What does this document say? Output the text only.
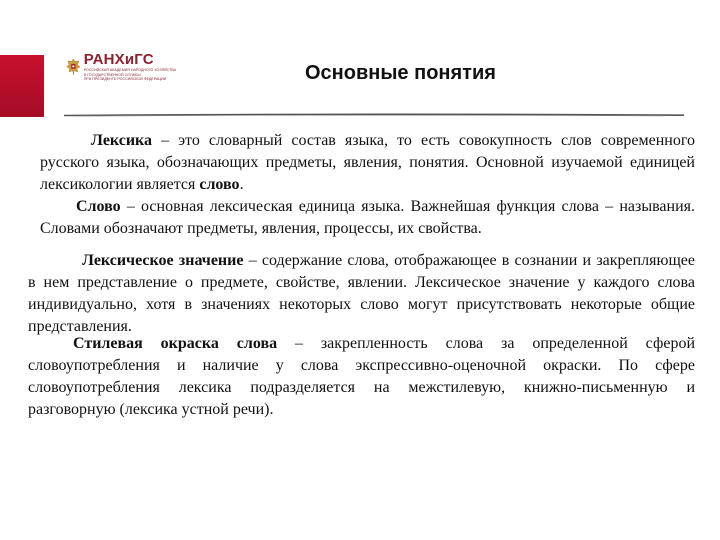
РАНХиГС
РОССИЙСКАЯ АКАДЕМИЯ НАРОДНОГО ХОЗЯЙСТВА
И ГОСУДАРСТВЕННОЙ СЛУЖБЫ
ПРИ ПРЕЗИДЕНТЕ РОССИЙСКОЙ ФЕДЕРАЦИИ	Основные понятия

Лексика – это словарный состав языка, то есть совокупность слов современного русского языка, обозначающих предметы, явления, понятия. Основной изучаемой единицей лексикологии является слово.

Слово – основная лексическая единица языка. Важнейшая функция слова – называния. Словами обозначают предметы, явления, процессы, их свойства.

Лексическое значение – содержание слова, отображающее в сознании и закрепляющее в нем представление о предмете, свойстве, явлении. Лексическое значение у каждого слова индивидуально, хотя в значениях некоторых слово могут присутствовать некоторые общие представления.

Стилевая окраска слова – закрепленность слова за определенной сферой словоупотребления и наличие у слова экспрессивно-оценочной окраски. По сфере словоупотребления лексика подразделяется на межстилевую, книжно-письменную и разговорную (лексика устной речи).
